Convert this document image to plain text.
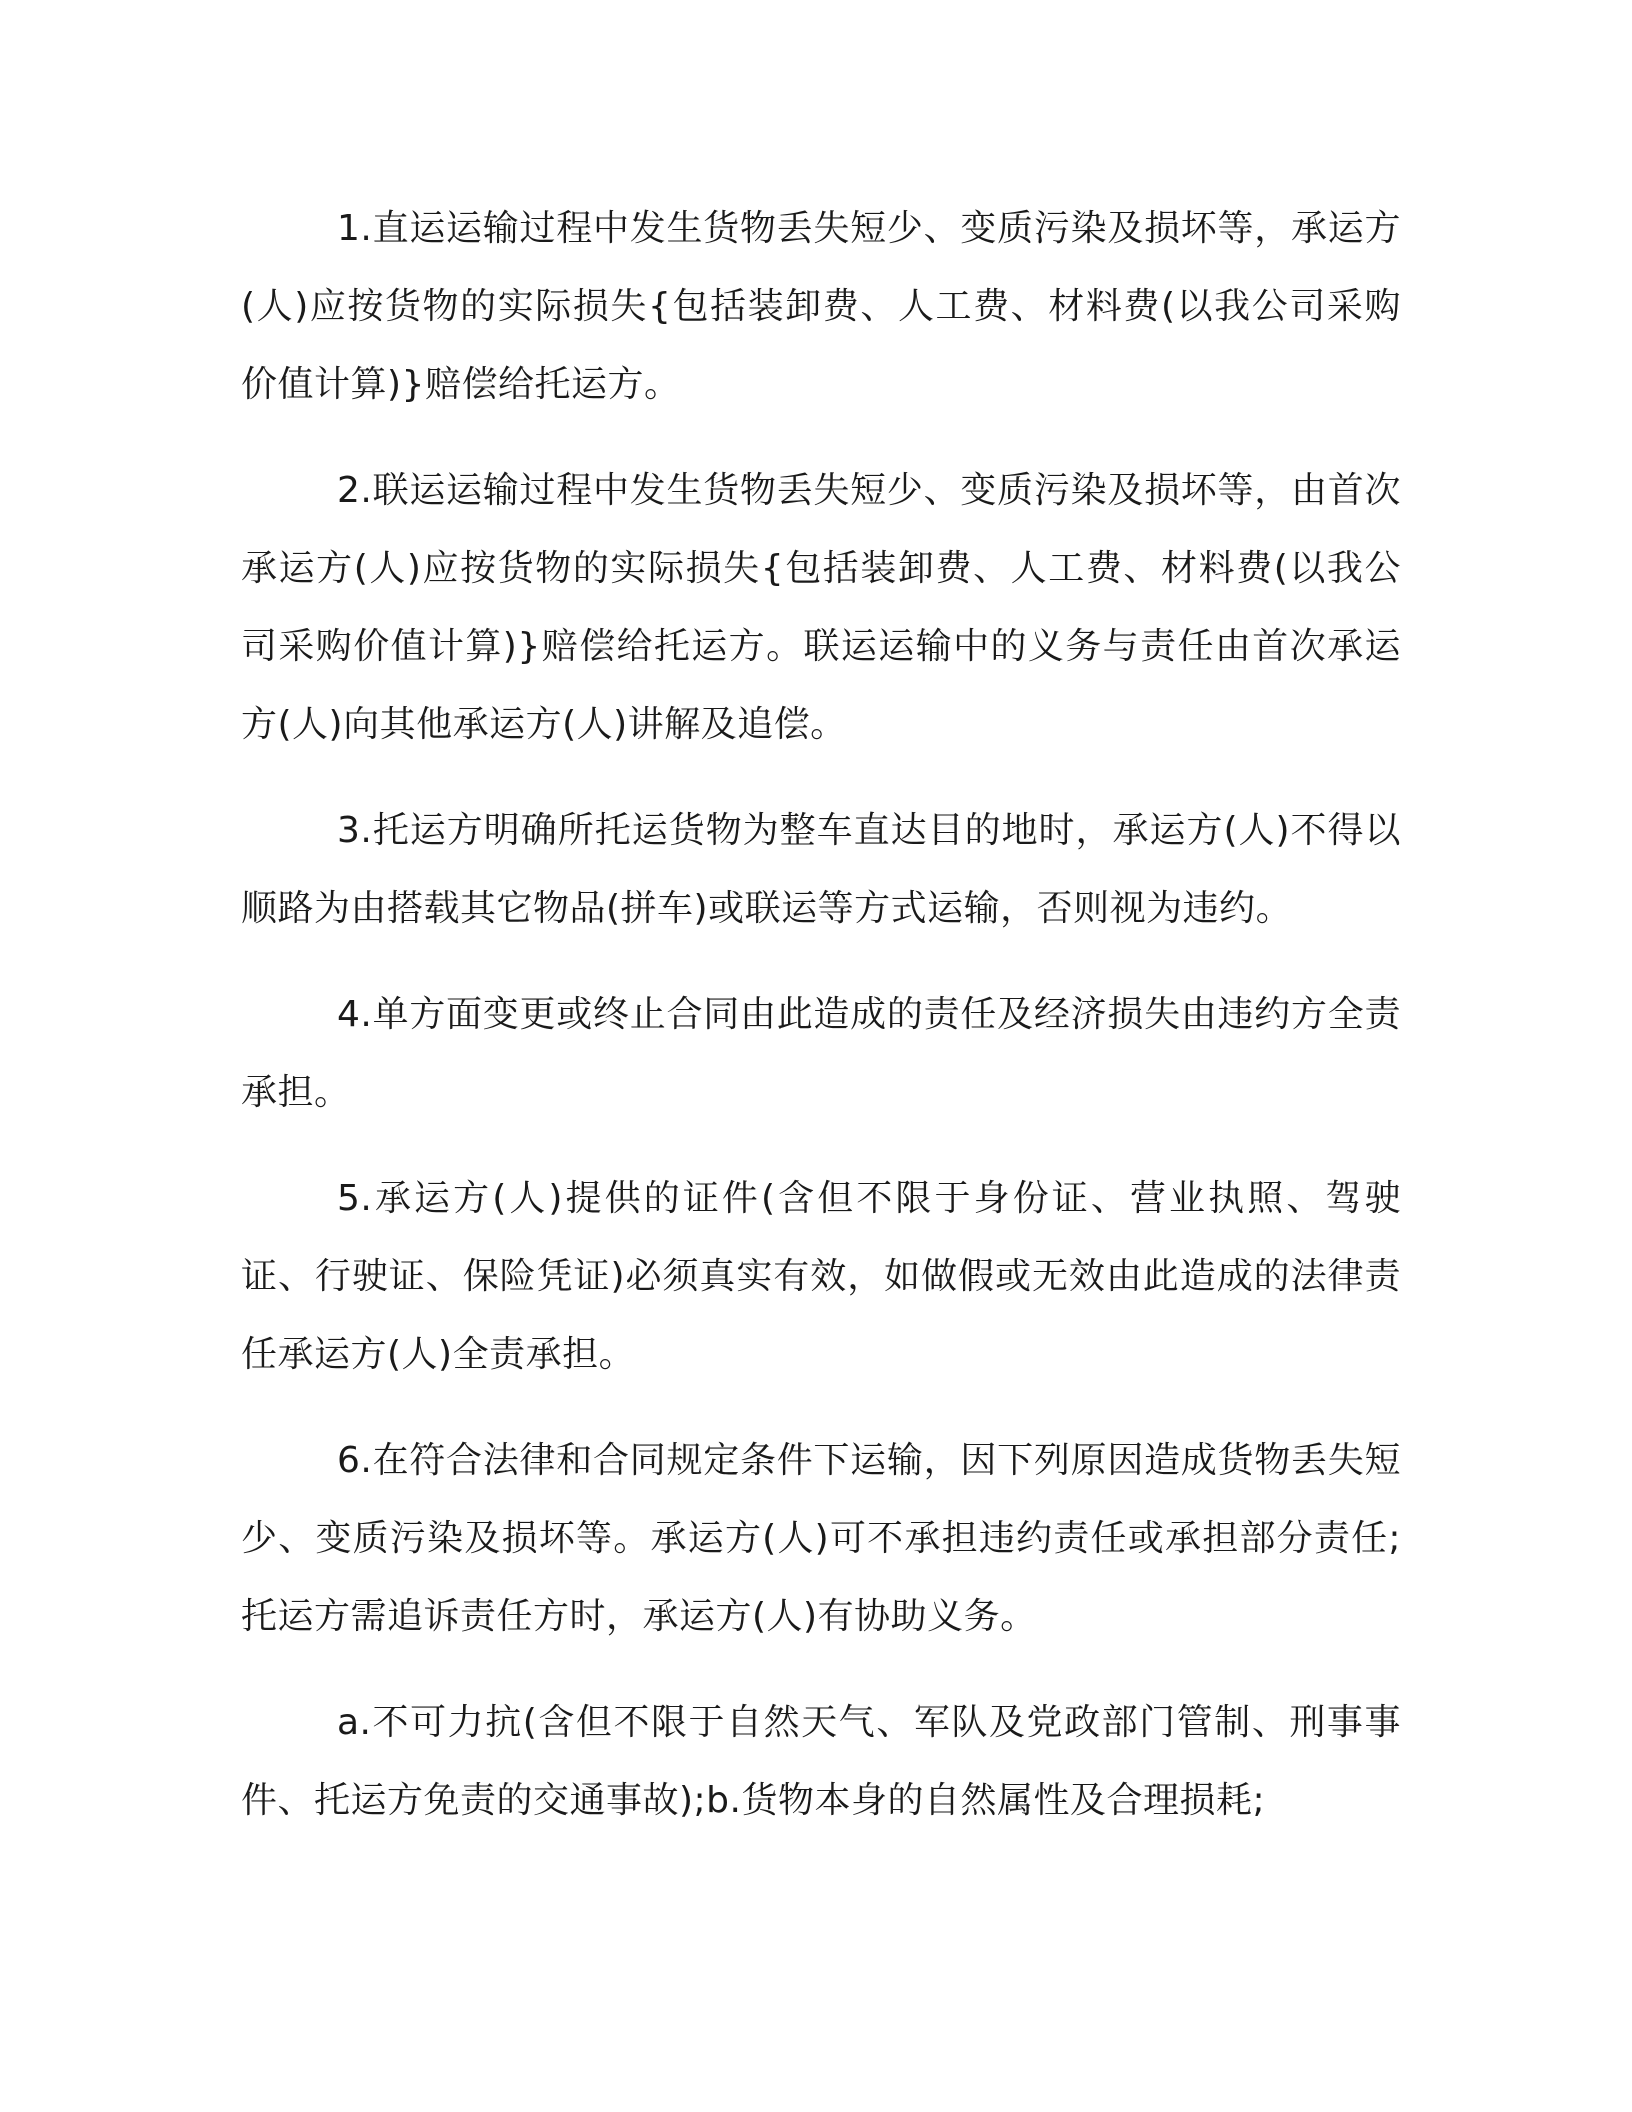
1.直运运输过程中发生货物丢失短少、变质污染及损坏等，承运方(人)应按货物的实际损失{包括装卸费、人工费、材料费(以我公司采购价值计算)}赔偿给托运方。

2.联运运输过程中发生货物丢失短少、变质污染及损坏等，由首次承运方(人)应按货物的实际损失{包括装卸费、人工费、材料费(以我公司采购价值计算)}赔偿给托运方。联运运输中的义务与责任由首次承运方(人)向其他承运方(人)讲解及追偿。

3.托运方明确所托运货物为整车直达目的地时，承运方(人)不得以顺路为由搭载其它物品(拼车)或联运等方式运输，否则视为违约。

4.单方面变更或终止合同由此造成的责任及经济损失由违约方全责承担。

5.承运方(人)提供的证件(含但不限于身份证、营业执照、驾驶证、行驶证、保险凭证)必须真实有效，如做假或无效由此造成的法律责任承运方(人)全责承担。

6.在符合法律和合同规定条件下运输，因下列原因造成货物丢失短少、变质污染及损坏等。承运方(人)可不承担违约责任或承担部分责任;托运方需追诉责任方时，承运方(人)有协助义务。

a.不可力抗(含但不限于自然天气、军队及党政部门管制、刑事事件、托运方免责的交通事故);b.货物本身的自然属性及合理损耗;
